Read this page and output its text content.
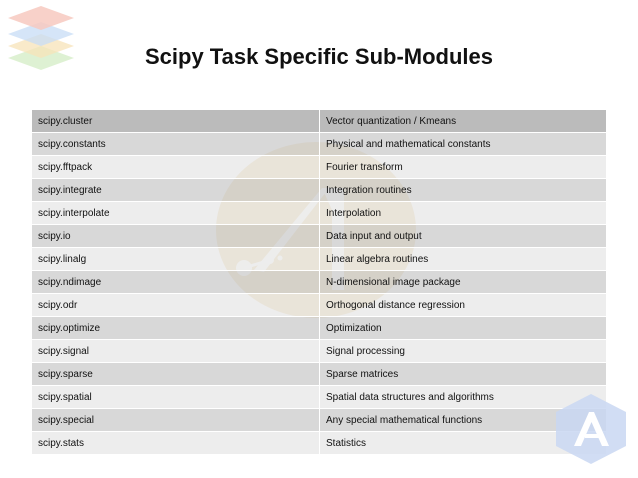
Scipy Task Specific Sub-Modules
scipy.cluster	Vector quantization / Kmeans
scipy.constants	Physical and mathematical constants
scipy.fftpack	Fourier transform
scipy.integrate	Integration routines
scipy.interpolate	Interpolation
scipy.io	Data input and output
scipy.linalg	Linear algebra routines
scipy.ndimage	N-dimensional image package
scipy.odr	Orthogonal distance regression
scipy.optimize	Optimization
scipy.signal	Signal processing
scipy.sparse	Sparse matrices
scipy.spatial	Spatial data structures and algorithms
scipy.special	Any special mathematical functions
scipy.stats	Statistics
